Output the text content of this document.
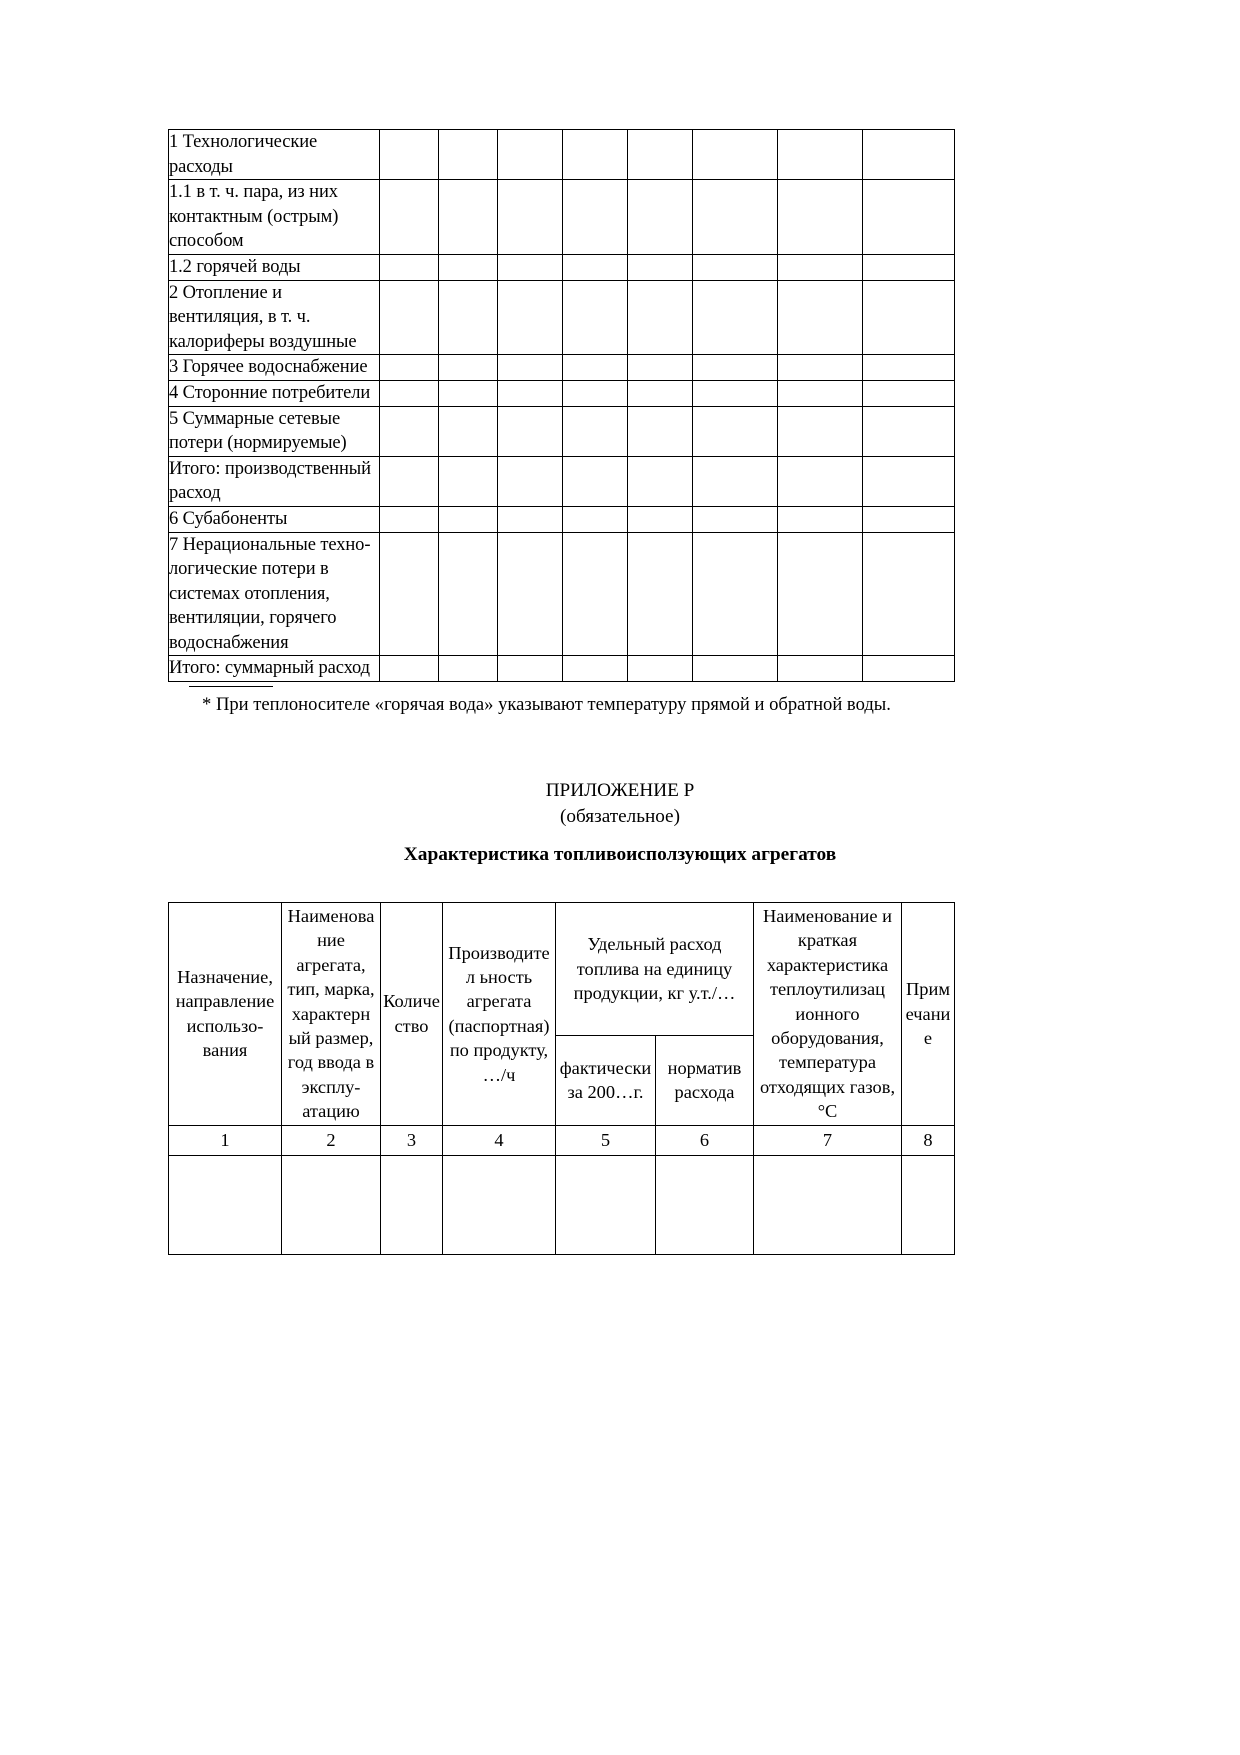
1 Технологические расходы								
1.1 в т. ч. пара, из них контактным (острым) способом								
1.2 горячей воды								
2 Отопление и вентиляция, в т. ч. калориферы воздушные								
3 Горячее водоснабжение								
4 Сторонние потребители								
5 Суммарные сетевые потери (нормируемые)								
Итого: производственный расход								
6 Субабоненты								
7 Нерациональные техно-логические потери в системах отопления, вентиляции, горячего водоснабжения								
Итого: суммарный расход								
* При теплоносителе «горячая вода» указывают температуру прямой и обратной воды.
ПРИЛОЖЕНИЕ Р
(обязательное)
Характеристика топливоисползующих агрегатов
Назначение, направление использо-вания	Наименова ние агрегата, тип, марка, характерн ый размер, год ввода в эксплу-атацию	Количе ство	Производител ьность агрегата (паспортная) по продукту, …/ч	Удельный расход топлива на единицу продукции, кг у.т./…		Наименование и краткая характеристика теплоутилизац ионного оборудования, температура отходящих газов,°С	Прим ечани е
				фактически за 200…г.	норматив расхода		
1	2	3	4	5	6	7	8
